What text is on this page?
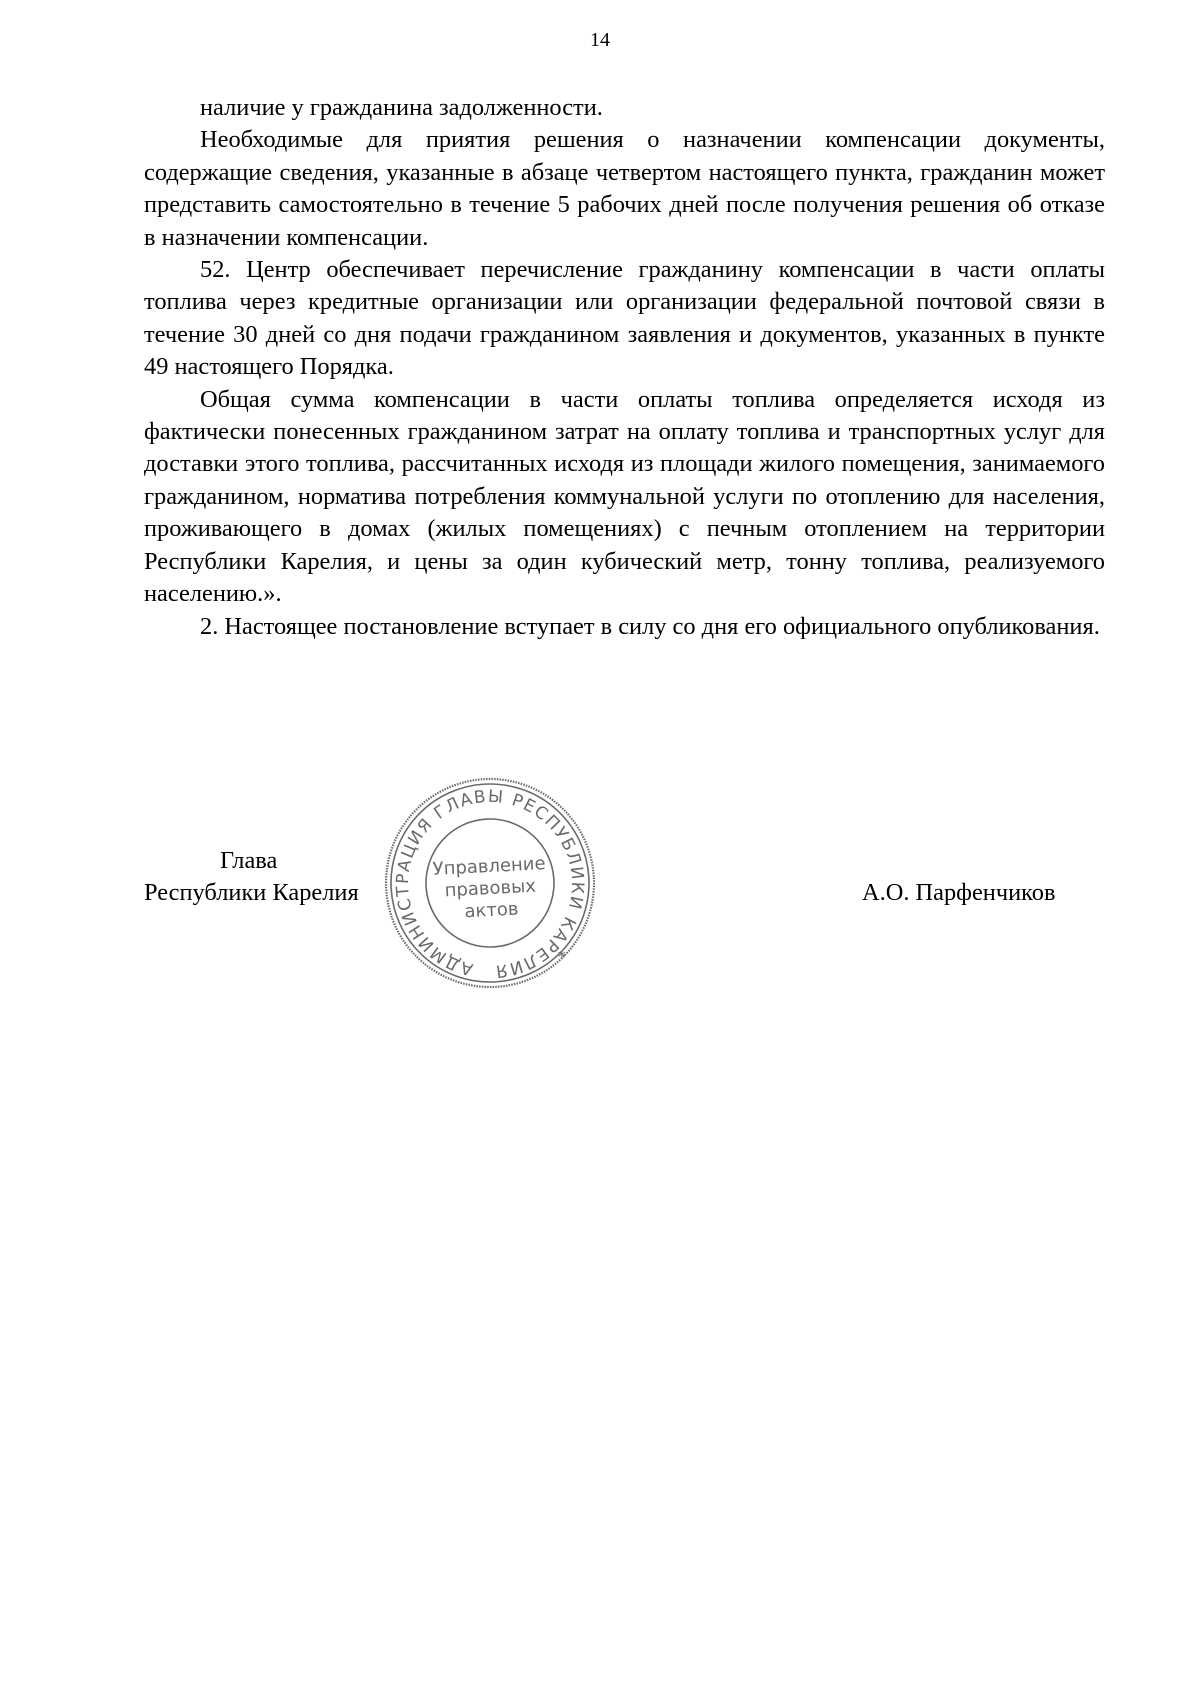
14

наличие у гражданина задолженности.

Необходимые для приятия решения о назначении компенсации документы, содержащие сведения, указанные в абзаце четвертом настоящего пункта, гражданин может представить самостоятельно в течение 5 рабочих дней после получения решения об отказе в назначении компенсации.

52. Центр обеспечивает перечисление гражданину компенсации в части оплаты топлива через кредитные организации или организации федеральной почтовой связи в течение 30 дней со дня подачи гражданином заявления и документов, указанных в пункте 49 настоящего Порядка.

Общая сумма компенсации в части оплаты топлива определяется исходя из фактически понесенных гражданином затрат на оплату топлива и транспортных услуг для доставки этого топлива, рассчитанных исходя из площади жилого помещения, занимаемого гражданином, норматива потребления коммунальной услуги по отоплению для населения, проживающего в домах (жилых помещениях) с печным отоплением на территории Республики Карелия, и цены за один кубический метр, тонну топлива, реализуемого населению.».

2. Настоящее постановление вступает в силу со дня его официального опубликования.

Глава
Республики Карелия
АДМИНИСТРАЦИЯ ГЛАВЫ РЕСПУБЛИКИ КАРЕЛИЯ
*
Управление
правовых
актов
А.О. Парфенчиков
